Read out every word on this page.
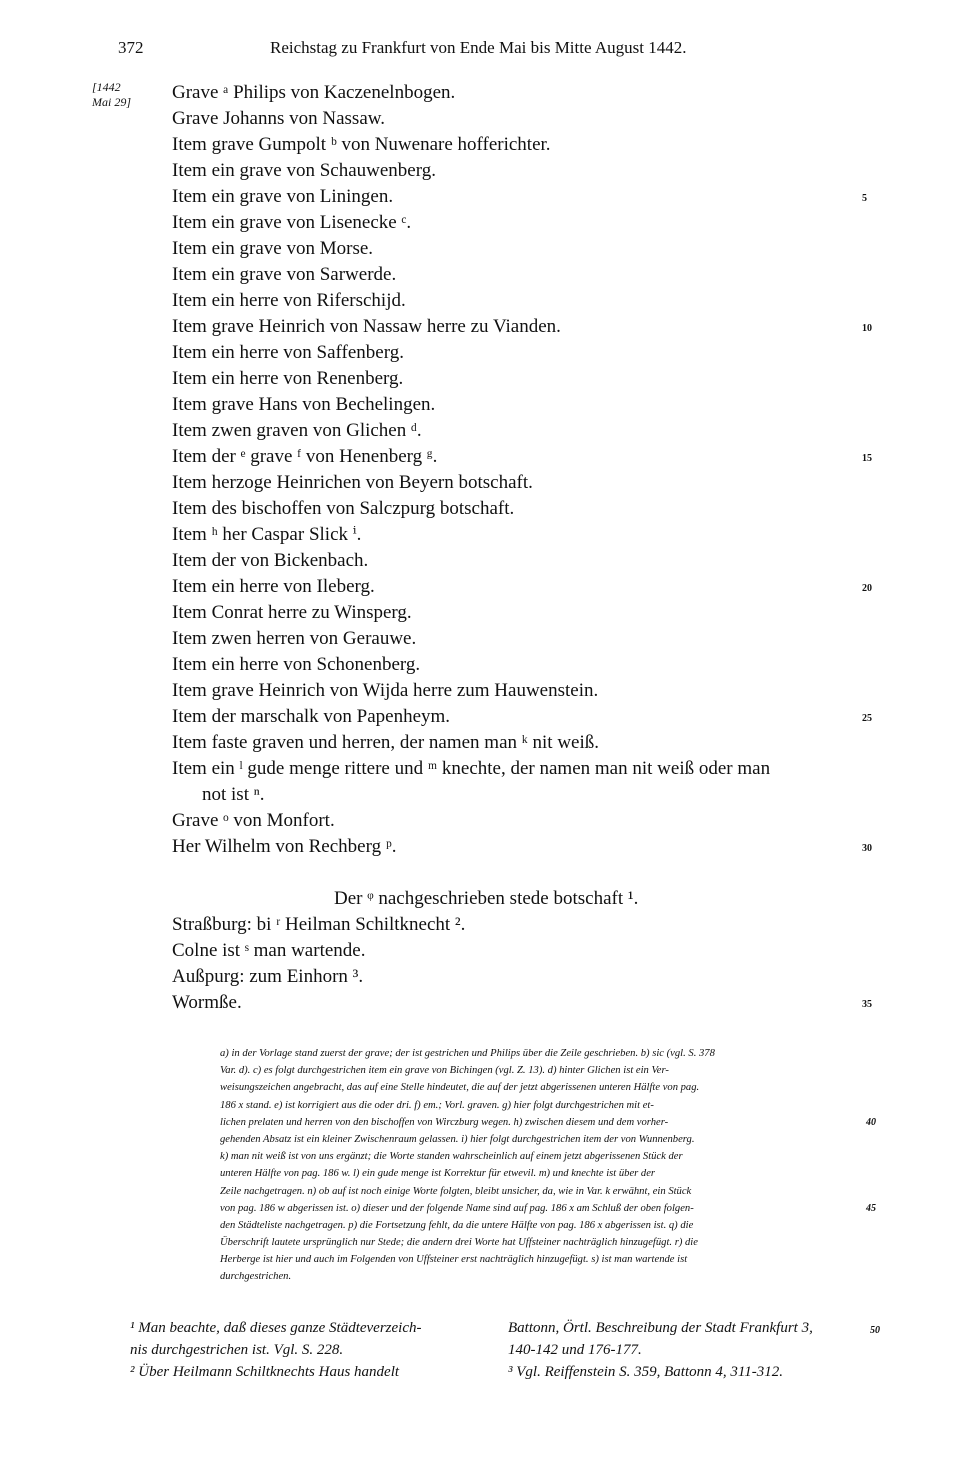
372	Reichstag zu Frankfurt von Ende Mai bis Mitte August 1442.
[1442
Mai 29] Grave ᵃ Philips von Kaczenelnbogen.
Grave Johanns von Nassaw.
Item grave Gumpolt ᵇ von Nuwenare hofferichter.
Item ein grave von Schauwenberg.
Item ein grave von Liningen.	5
Item ein grave von Lisenecke ᶜ.
Item ein grave von Morse.
Item ein grave von Sarwerde.
Item ein herre von Riferschijd.
Item grave Heinrich von Nassaw herre zu Vianden.	10
Item ein herre von Saffenberg.
Item ein herre von Renenberg.
Item grave Hans von Bechelingen.
Item zwen graven von Glichen ᵈ.
Item der ᵉ grave ᶠ von Henenberg ᵍ.	15
Item herzoge Heinrichen von Beyern botschaft.
Item des bischoffen von Salczpurg botschaft.
Item ʰ her Caspar Slick ⁱ.
Item der von Bickenbach.
Item ein herre von Ileberg.	20
Item Conrat herre zu Winsperg.
Item zwen herren von Gerauwe.
Item ein herre von Schonenberg.
Item grave Heinrich von Wijda herre zum Hauwenstein.
Item der marschalk von Papenheym.	25
Item faste graven und herren, der namen man ᵏ nit weiß.
Item ein ˡ gude menge rittere und ᵐ knechte, der namen man nit weiß oder man
not ist ⁿ.
Grave ᵒ von Monfort.
Her Wilhelm von Rechberg ᵖ.	30
Der ᵠ nachgeschrieben stede botschaft ¹.
Straßburg: bi ʳ Heilman Schiltknecht ².
Colne ist ˢ man wartende.
Außpurg: zum Einhorn ³.
Wormße.	35
a) in der Vorlage stand zuerst der grave; der ist gestrichen und Philips über die Zeile geschrieben. b) sic (vgl. S. 378
Var. d). c) es folgt durchgestrichen item ein grave von Bichingen (vgl. Z. 13). d) hinter Glichen ist ein Ver-
weisungszeichen angebracht, das auf eine Stelle hindeutet, die auf der jetzt abgerissenen unteren Hälfte von pag.
186 x stand. e) ist korrigiert aus die oder dri. f) em.; Vorl. graven. g) hier folgt durchgestrichen mit et-
lichen prelaten und herren von den bischoffen von Wirczburg wegen. h) zwischen diesem und dem vorher-	40
gehenden Absatz ist ein kleiner Zwischenraum gelassen. i) hier folgt durchgestrichen item der von Wunnenberg.
k) man nit weiß ist von uns ergänzt; die Worte standen wahrscheinlich auf einem jetzt abgerissenen Stück der
unteren Hälfte von pag. 186 w. l) ein gude menge ist Korrektur für etwevil. m) und knechte ist über der
Zeile nachgetragen. n) ob auf ist noch einige Worte folgten, bleibt unsicher, da, wie in Var. k erwähnt, ein Stück
von pag. 186 w abgerissen ist. o) dieser und der folgende Name sind auf pag. 186 x am Schluß der oben folgen-	45
den Städteliste nachgetragen. p) die Fortsetzung fehlt, da die untere Hälfte von pag. 186 x abgerissen ist. q) die
Überschrift lautete ursprünglich nur Stede; die andern drei Worte hat Uffsteiner nachträglich hinzugefügt. r) die
Herberge ist hier und auch im Folgenden von Uffsteiner erst nachträglich hinzugefügt. s) ist man wartende ist
durchgestrichen.
¹ Man beachte, daß dieses ganze Städteverzeich-
nis durchgestrichen ist. Vgl. S. 228.
² Über Heilmann Schiltknechts Haus handelt
Battonn, Örtl. Beschreibung der Stadt Frankfurt 3,	50
140-142 und 176-177.
³ Vgl. Reiffenstein S. 359, Battonn 4, 311-312.
